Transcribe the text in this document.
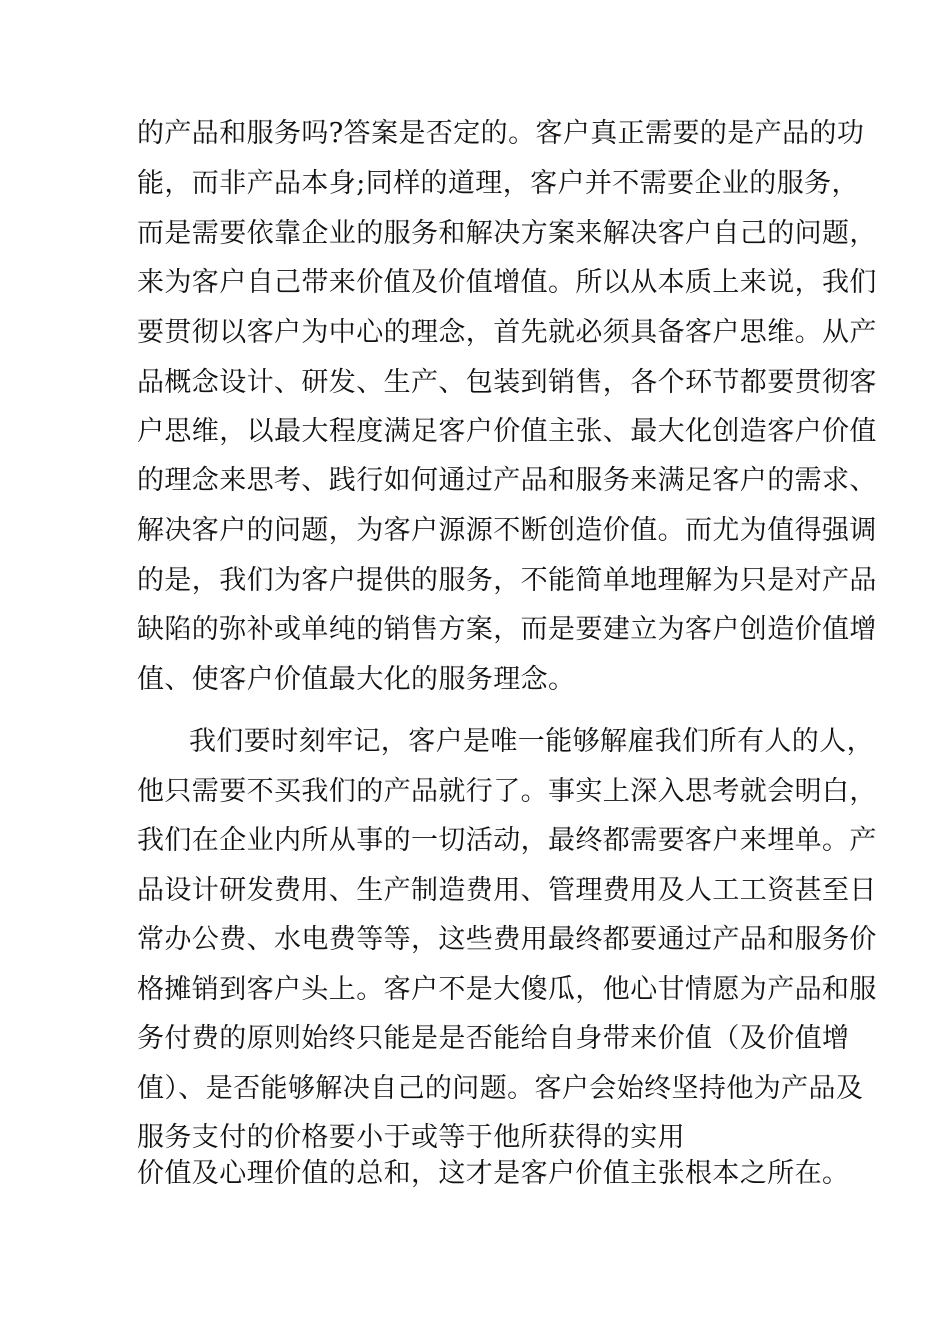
的产品和服务吗?答案是否定的。客户真正需要的是产品的功
能，而非产品本身;同样的道理，客户并不需要企业的服务，
而是需要依靠企业的服务和解决方案来解决客户自己的问题，
来为客户自己带来价值及价值增值。所以从本质上来说，我们
要贯彻以客户为中心的理念，首先就必须具备客户思维。从产
品概念设计、研发、生产、包装到销售，各个环节都要贯彻客
户思维，以最大程度满足客户价值主张、最大化创造客户价值
的理念来思考、践行如何通过产品和服务来满足客户的需求、
解决客户的问题，为客户源源不断创造价值。而尤为值得强调
的是，我们为客户提供的服务，不能简单地理解为只是对产品
缺陷的弥补或单纯的销售方案，而是要建立为客户创造价值增
值、使客户价值最大化的服务理念。
我们要时刻牢记，客户是唯一能够解雇我们所有人的人，
他只需要不买我们的产品就行了。事实上深入思考就会明白，
我们在企业内所从事的一切活动，最终都需要客户来埋单。产
品设计研发费用、生产制造费用、管理费用及人工工资甚至日
常办公费、水电费等等，这些费用最终都要通过产品和服务价
格摊销到客户头上。客户不是大傻瓜，他心甘情愿为产品和服
务付费的原则始终只能是是否能给自身带来价值（及价值增
值）、是否能够解决自己的问题。客户会始终坚持他为产品及
服务支付的价格要小于或等于他所获得的实用
价值及心理价值的总和，这才是客户价值主张根本之所在。
